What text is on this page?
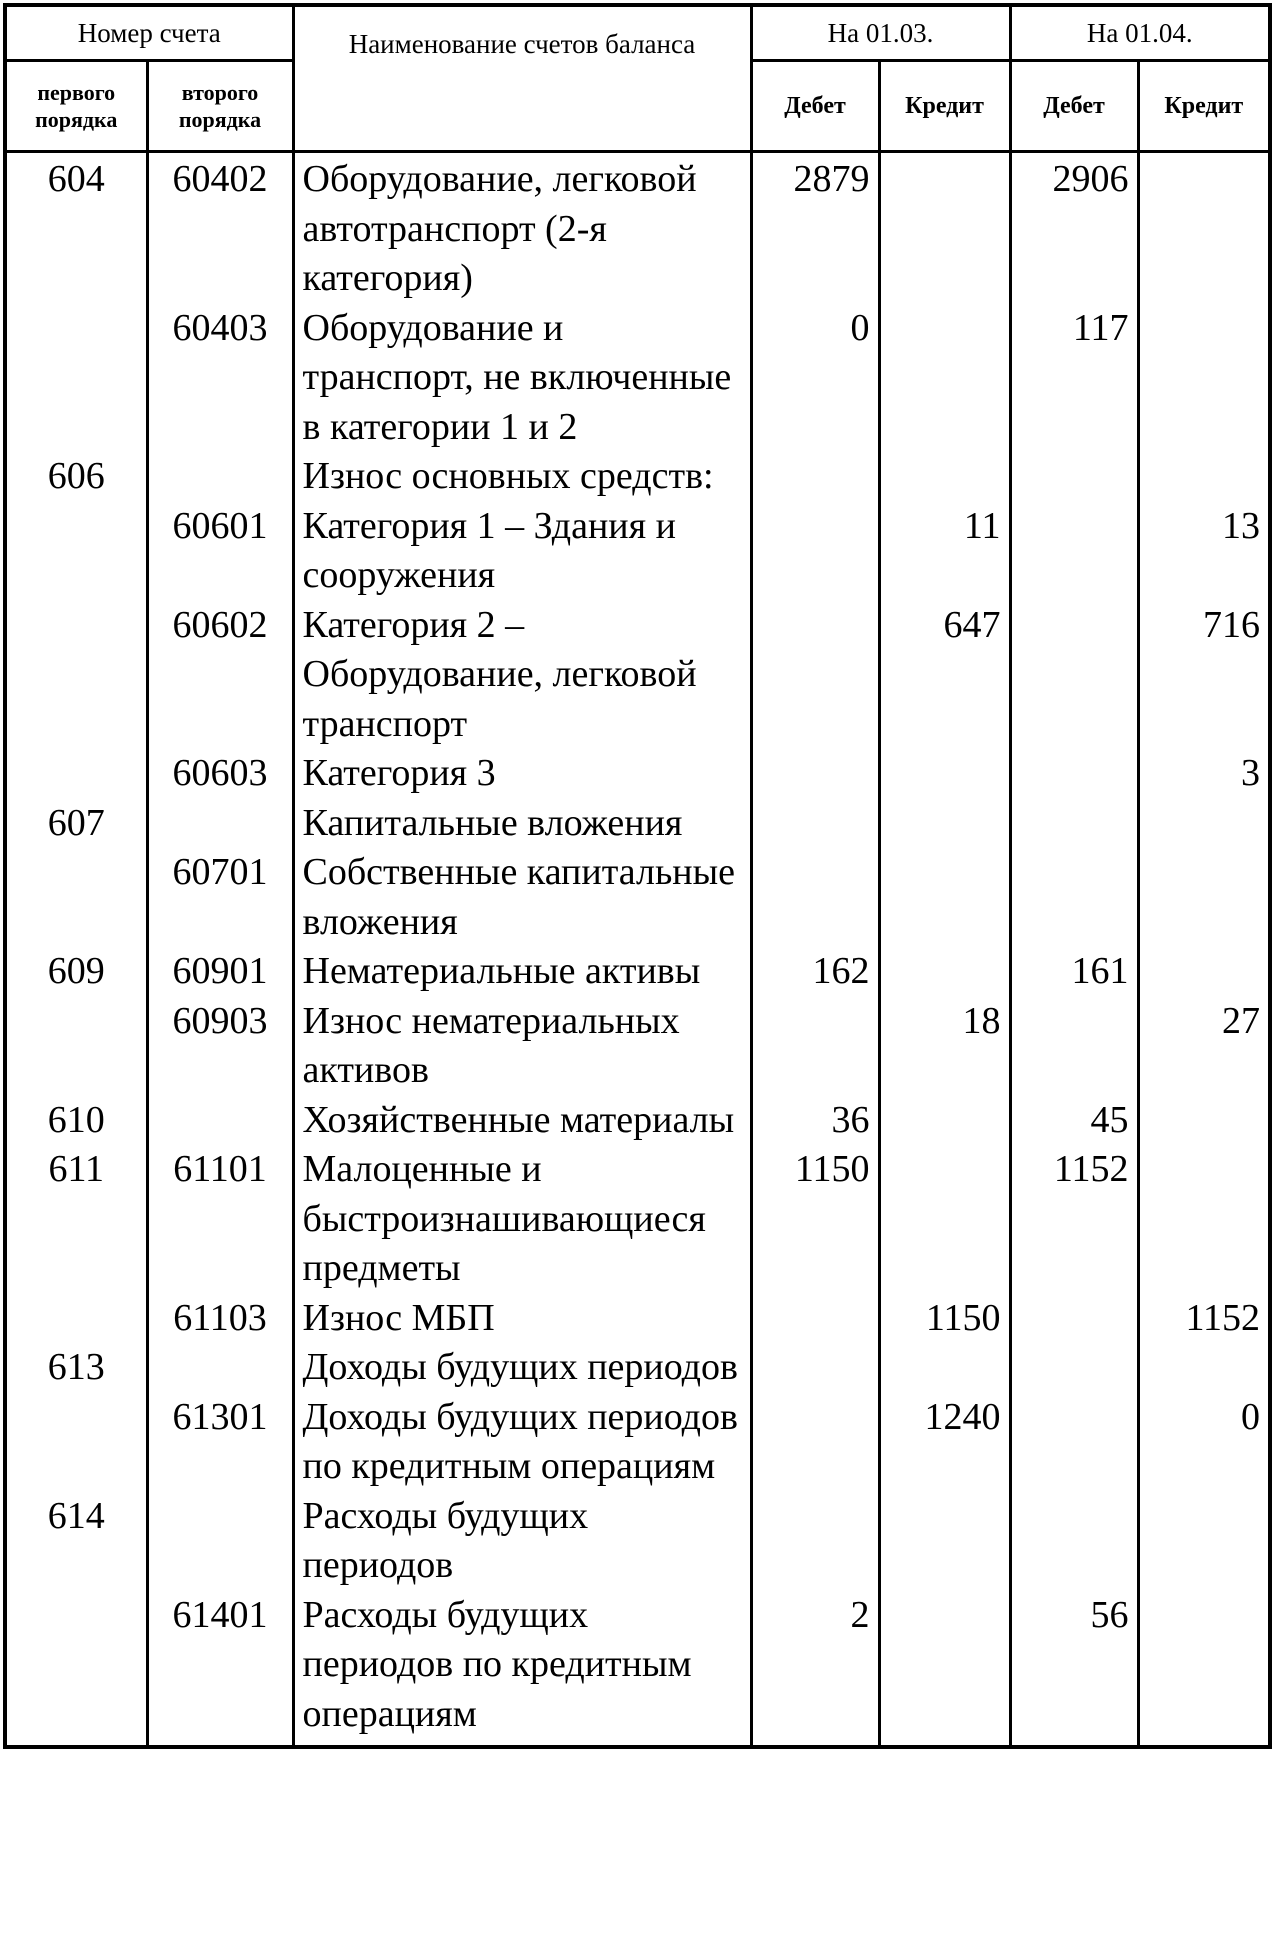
Номер счета		Наименование счетов баланса	На 01.03.		На 01.04.	
первого порядка	второго порядка		Дебет	Кредит	Дебет	Кредит
604	60402	Оборудование, легковой автотранспорт (2-я категория)	2879		2906	
	60403	Оборудование и транспорт, не включенные в категории 1 и 2	0		117	
606		Износ основных средств:				
	60601	Категория 1 – Здания и сооружения		11		13
	60602	Категория 2 – Оборудование, легковой транспорт		647		716
	60603	Категория 3				3
607		Капитальные вложения				
	60701	Собственные капитальные вложения				
609	60901	Нематериальные активы	162		161	
	60903	Износ нематериальных активов		18		27
610		Хозяйственные материалы	36		45	
611	61101	Малоценные и быстроизнашивающиеся предметы	1150		1152	
	61103	Износ МБП		1150		1152
613		Доходы будущих периодов				
	61301	Доходы будущих периодов по кредитным операциям		1240		0
614		Расходы будущих периодов				
	61401	Расходы будущих периодов по кредитным операциям	2		56	
